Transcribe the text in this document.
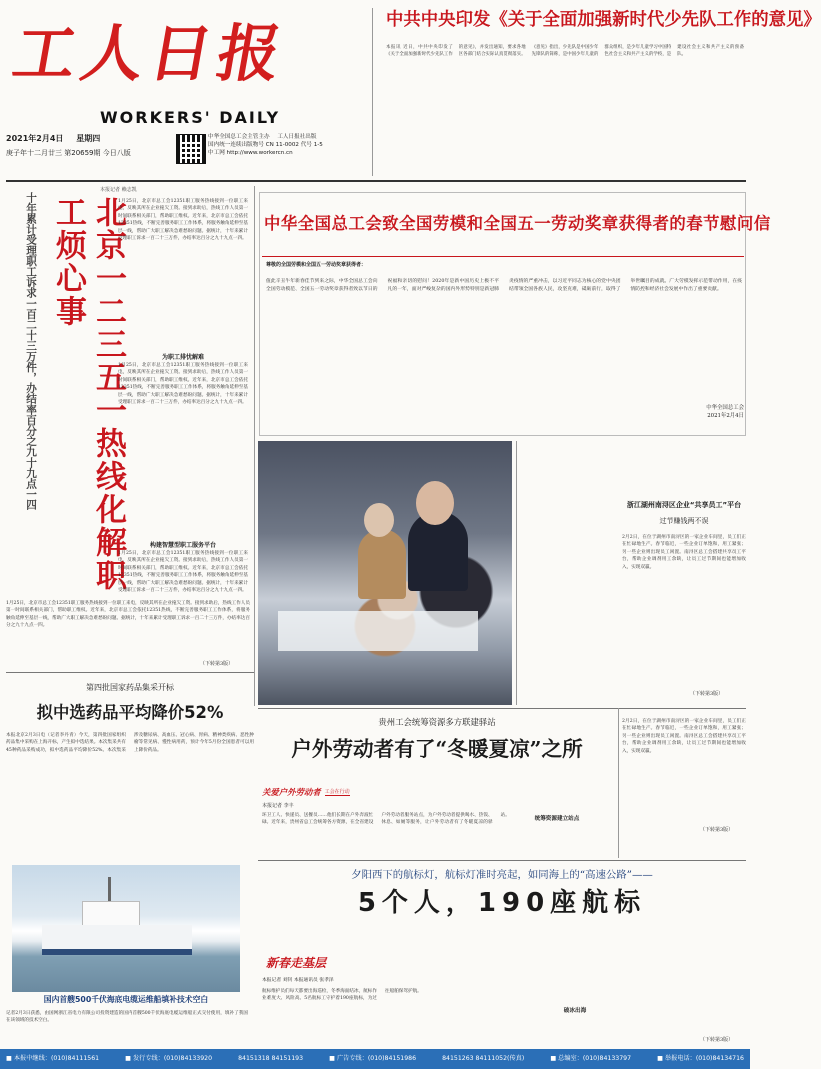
工人日报
WORKERS' DAILY
2021年2月4日 星期四
庚子年十二月廿三 第20659期 今日八版
中华全国总工会主管主办 工人日报社出版
国内统一连续出版物号 CN 11-0002 代号 1-5
中工网 http://www.workercn.cn
中共中央印发《关于全面加强新时代少先队工作的意见》
本报讯 近日，中共中央印发了《关于全面加强新时代少先队工作的意见》，并发出通知，要求各地区各部门结合实际认真贯彻落实。《意见》指出，少先队是中国少年先锋队的简称，是中国少年儿童的群众组织，是少年儿童学习中国特色社会主义和共产主义的学校，是建设社会主义和共产主义的预备队。
十年累计受理职工诉求一百二十三万件，办结率百分之九十九点一四	北京一二三五一热线化解职工烦心事
本报记者 赖志凯
1月25日，北京市总工会12351职工服务热线接到一位职工来电，反映其所在企业拖欠工资。接到求助后，热线工作人员第一时间联系相关部门，帮助职工维权。近年来，北京市总工会依托12351热线，不断完善服务职工工作体系，将服务触角延伸至基层一线，帮助广大职工解决急难愁盼问题。据统计，十年来累计受理职工诉求一百二十三万件，办结率达百分之九十九点一四。
为职工排忧解难
1月25日，北京市总工会12351职工服务热线接到一位职工来电，反映其所在企业拖欠工资。接到求助后，热线工作人员第一时间联系相关部门，帮助职工维权。近年来，北京市总工会依托12351热线，不断完善服务职工工作体系，将服务触角延伸至基层一线，帮助广大职工解决急难愁盼问题。据统计，十年来累计受理职工诉求一百二十三万件，办结率达百分之九十九点一四。
构建智慧型职工服务平台
1月25日，北京市总工会12351职工服务热线接到一位职工来电，反映其所在企业拖欠工资。接到求助后，热线工作人员第一时间联系相关部门，帮助职工维权。近年来，北京市总工会依托12351热线，不断完善服务职工工作体系，将服务触角延伸至基层一线，帮助广大职工解决急难愁盼问题。据统计，十年来累计受理职工诉求一百二十三万件，办结率达百分之九十九点一四。
1月25日，北京市总工会12351职工服务热线接到一位职工来电，反映其所在企业拖欠工资。接到求助后，热线工作人员第一时间联系相关部门，帮助职工维权。近年来，北京市总工会依托12351热线，不断完善服务职工工作体系，将服务触角延伸至基层一线，帮助广大职工解决急难愁盼问题。据统计，十年来累计受理职工诉求一百二十三万件，办结率达百分之九十九点一四。
（下转第3版）
中华全国总工会致全国劳模和全国五一劳动奖章获得者的春节慰问信
尊敬的全国劳模和全国五一劳动奖章获得者：
值此辛丑牛年新春佳节到来之际，中华全国总工会向全国劳动模范、全国五一劳动奖章获得者致以节日的祝福和亲切的慰问！2020年是新中国历史上极不平凡的一年，面对严峻复杂的国内外形势特别是新冠肺炎疫情的严重冲击，以习近平同志为核心的党中央团结带领全国各族人民，攻坚克难，砥砺前行，取得了举世瞩目的成就。广大劳模发挥示范带动作用，在疫情防控和经济社会发展中作出了重要贡献。
中华全国总工会
2021年2月4日
浙江湖州南浔区企业“共享员工”平台
过节赚钱两不误
2月2日，在位于湖州市南浔区的一家企业车间里，员工们正在忙碌地生产。春节临近，一些企业订单饱和，用工紧张；另一些企业则出现员工闲置。南浔区总工会搭建共享员工平台，帮助企业调剂用工余缺，让员工过节期间也能增加收入，实现双赢。
（下转第3版）
2月2日，在位于湖州市南浔区的一家企业车间里，员工们正在忙碌地生产。春节临近，一些企业订单饱和，用工紧张；另一些企业则出现员工闲置。南浔区总工会搭建共享员工平台，帮助企业调剂用工余缺，让员工过节期间也能增加收入，实现双赢。
第四批国家药品集采开标
拟中选药品平均降价52%
本报北京2月3日电（记者李丹青）今天，第四批国家组织药品集中采购在上海开标，产生拟中选结果。本次集采共有45种药品采购成功，拟中选药品平均降价52%。本次集采涉及糖尿病、高血压、冠心病、胃病、精神类疾病、恶性肿瘤等常见病、慢性病用药，预计今年5月份全国患者可以用上降价药品。
贵州工会统筹资源多方联建驿站
户外劳动者有了“冬暖夏凉”之所
关爱户外劳动者 工会在行动
本报记者 李丰
环卫工人、快递员、送餐员……他们长期在户外奔波忙碌。近年来，贵州省总工会统筹各方资源，在全省建设户外劳动者服务站点，为户外劳动者提供喝水、热饭、休息、如厕等服务，让户外劳动者有了冬暖夏凉的驿站。
统筹资源建立站点
（下转第3版）
国内首艘500千伏海底电缆运维船填补技术空白
记者2月3日获悉，由国网浙江省电力有限公司投资建造的国内首艘500千伏海底电缆运维船正式交付使用，填补了我国在该领域的技术空白。
夕阳西下的航标灯，航标灯准时亮起，如同海上的“高速公路”——
5个人，190座航标
新春走基层
本报记者 刘钊 本报通讯员 张孝泽
航标维护员们每天都要出海巡检，冬季海面结冰，航标作业难度大、风险高。5名航标工守护着190座航标，为过往船舶保驾护航。
破冰出海
（下转第3版）
■ 本报中继线：(010)84111561	■ 发行专线：(010)84133920	84151318 84151193	■ 广告专线：(010)84151986	84151263 84111052(传真)	■ 总编室：(010)84133797	■ 举报电话：(010)84134716
